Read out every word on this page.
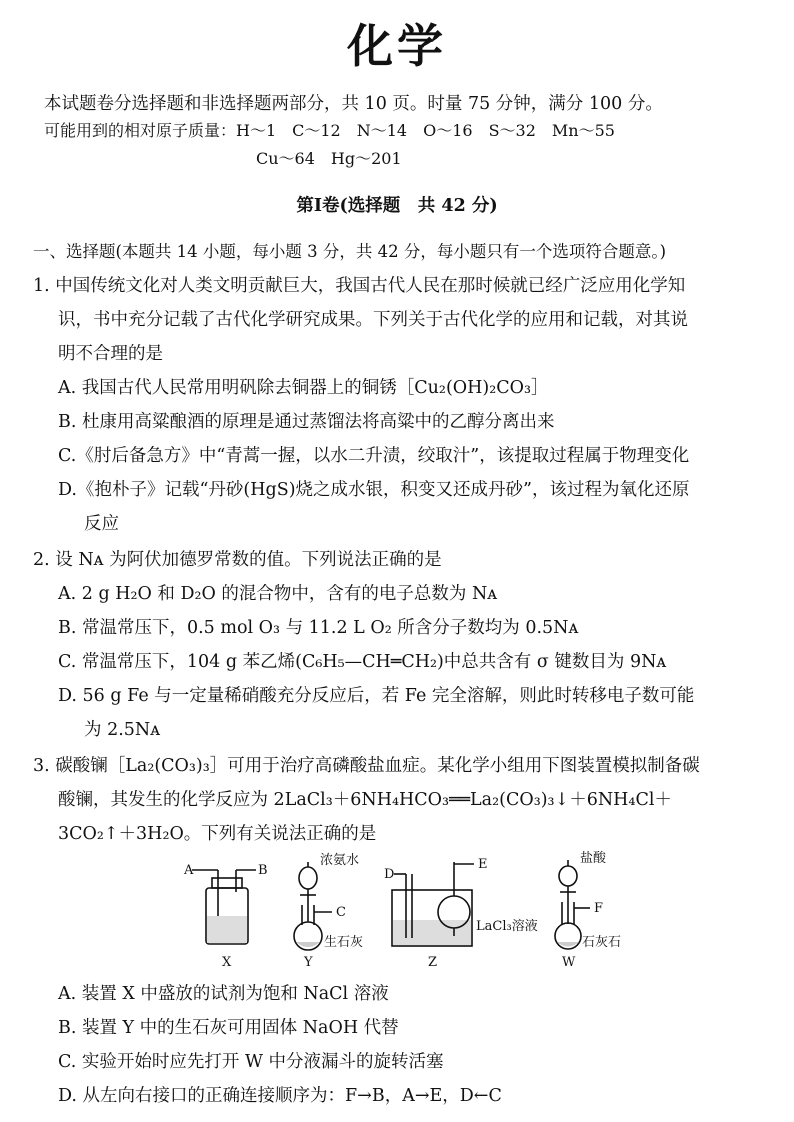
化学
本试题卷分选择题和非选择题两部分，共 10 页。时量 75 分钟，满分 100 分。
可能用到的相对原子质量：H～1　C～12　N～14　O～16　S～32　Mn～55
Cu～64　Hg～201
第Ⅰ卷(选择题　共 42 分)
一、选择题(本题共 14 小题，每小题 3 分，共 42 分，每小题只有一个选项符合题意。)
1. 中国传统文化对人类文明贡献巨大，我国古代人民在那时候就已经广泛应用化学知
识，书中充分记载了古代化学研究成果。下列关于古代化学的应用和记载，对其说
明不合理的是
A. 我国古代人民常用明矾除去铜器上的铜锈［Cu₂(OH)₂CO₃］
B. 杜康用高粱酿酒的原理是通过蒸馏法将高粱中的乙醇分离出来
C.《肘后备急方》中“青蒿一握，以水二升渍，绞取汁”，该提取过程属于物理变化
D.《抱朴子》记载“丹砂(HgS)烧之成水银，积变又还成丹砂”，该过程为氧化还原
反应
2. 设 Nᴀ 为阿伏加德罗常数的值。下列说法正确的是
A. 2 g H₂O 和 D₂O 的混合物中，含有的电子总数为 Nᴀ
B. 常温常压下，0.5 mol O₃ 与 11.2 L O₂ 所含分子数均为 0.5Nᴀ
C. 常温常压下，104 g 苯乙烯(C₆H₅—CH═CH₂)中总共含有 σ 键数目为 9Nᴀ
D. 56 g Fe 与一定量稀硝酸充分反应后，若 Fe 完全溶解，则此时转移电子数可能
为 2.5Nᴀ
3. 碳酸镧［La₂(CO₃)₃］可用于治疗高磷酸盐血症。某化学小组用下图装置模拟制备碳
酸镧，其发生的化学反应为 2LaCl₃＋6NH₄HCO₃══La₂(CO₃)₃↓＋6NH₄Cl＋
3CO₂↑＋3H₂O。下列有关说法正确的是
A	B
C
D
E
F
浓氨水
生石灰
LaCl₃溶液
盐酸
石灰石
X	Y	Z	W
A. 装置 X 中盛放的试剂为饱和 NaCl 溶液
B. 装置 Y 中的生石灰可用固体 NaOH 代替
C. 实验开始时应先打开 W 中分液漏斗的旋转活塞
D. 从左向右接口的正确连接顺序为：F→B，A→E，D←C
